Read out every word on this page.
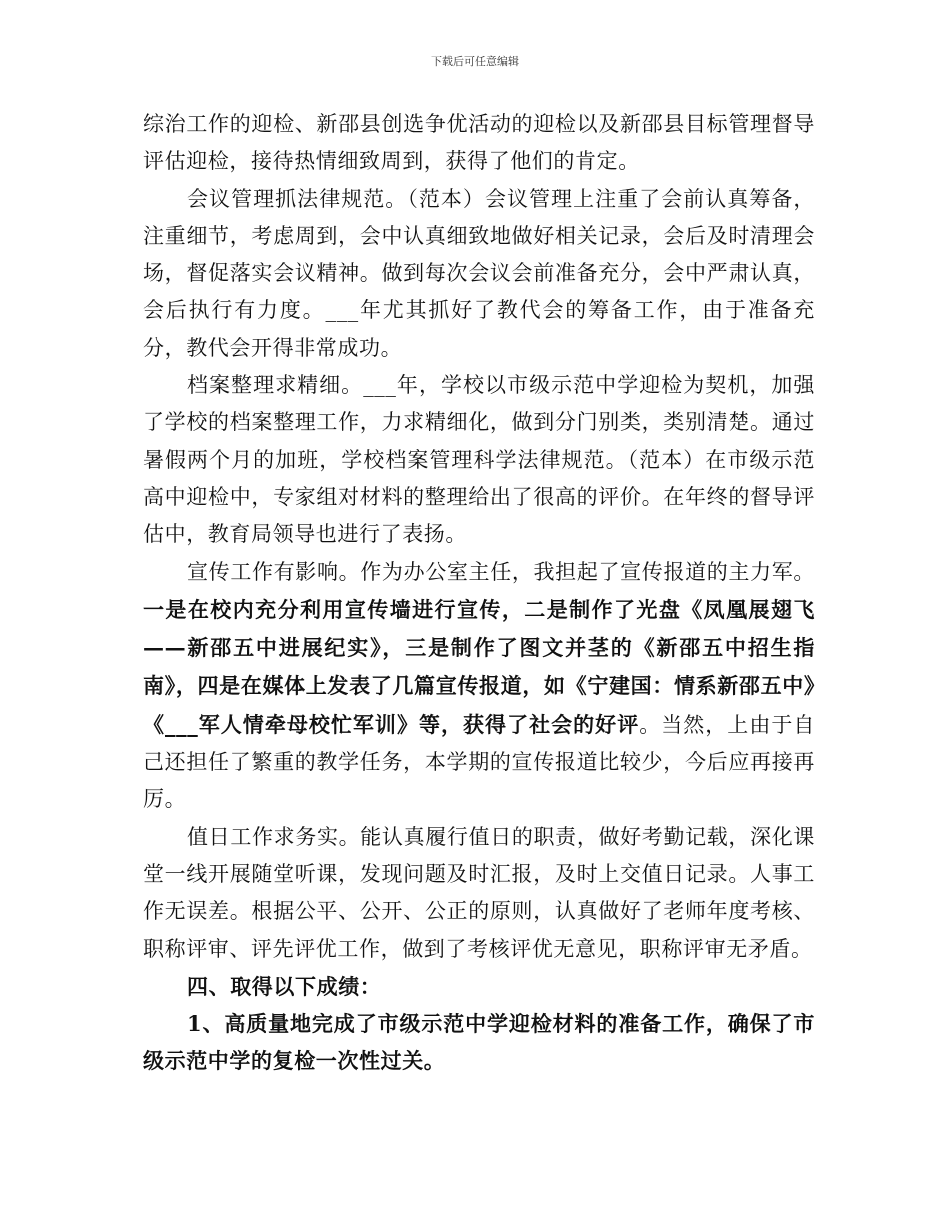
下载后可任意编辑

综治工作的迎检、新邵县创选争优活动的迎检以及新邵县目标管理督导评估迎检，接待热情细致周到，获得了他们的肯定。

会议管理抓法律规范。（范本）会议管理上注重了会前认真筹备，注重细节，考虑周到，会中认真细致地做好相关记录，会后及时清理会场，督促落实会议精神。做到每次会议会前准备充分，会中严肃认真，会后执行有力度。___年尤其抓好了教代会的筹备工作，由于准备充分，教代会开得非常成功。

档案整理求精细。___年，学校以市级示范中学迎检为契机，加强了学校的档案整理工作，力求精细化，做到分门别类，类别清楚。通过暑假两个月的加班，学校档案管理科学法律规范。（范本）在市级示范高中迎检中，专家组对材料的整理给出了很高的评价。在年终的督导评估中，教育局领导也进行了表扬。

宣传工作有影响。作为办公室主任，我担起了宣传报道的主力军。一是在校内充分利用宣传墙进行宣传，二是制作了光盘《凤凰展翅飞——新邵五中进展纪实》，三是制作了图文并茎的《新邵五中招生指南》，四是在媒体上发表了几篇宣传报道，如《宁建国：情系新邵五中》《___军人情牵母校忙军训》等，获得了社会的好评。当然，上由于自己还担任了繁重的教学任务，本学期的宣传报道比较少，今后应再接再厉。

值日工作求务实。能认真履行值日的职责，做好考勤记载，深化课堂一线开展随堂听课，发现问题及时汇报，及时上交值日记录。人事工作无误差。根据公平、公开、公正的原则，认真做好了老师年度考核、职称评审、评先评优工作，做到了考核评优无意见，职称评审无矛盾。

四、取得以下成绩：

1、高质量地完成了市级示范中学迎检材料的准备工作，确保了市级示范中学的复检一次性过关。
